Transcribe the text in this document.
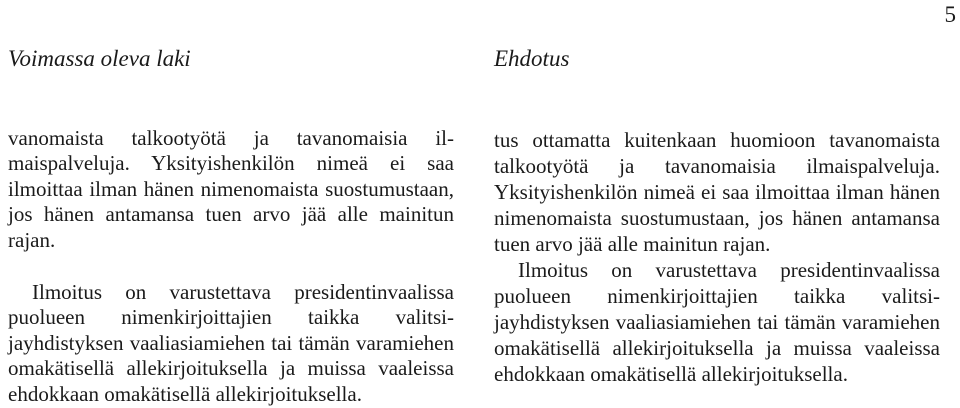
5
Voimassa oleva laki

vanomaista talkootyötä ja tavanomaisia ilmaispalveluja. Yksityishenkilön nimeä ei saa ilmoittaa ilman hänen nimenomaista suostumustaan, jos hänen antamansa tuen arvo jää alle mainitun rajan.

Ilmoitus on varustettava presidentinvaalissa puolueen nimenkirjoittajien taikka valitsijayhdistyksen vaaliasiamiehen tai tämän varamiehen omakätisellä allekirjoituksella ja muissa vaaleissa ehdokkaan omakätisellä allekirjoituksella.

Ehdotus

tus ottamatta kuitenkaan huomioon tavanomaista talkootyötä ja tavanomaisia ilmaispalveluja. Yksityishenkilön nimeä ei saa ilmoittaa ilman hänen nimenomaista suostumustaan, jos hänen antamansa tuen arvo jää alle mainitun rajan.

Ilmoitus on varustettava presidentinvaalissa puolueen nimenkirjoittajien taikka valitsijayhdistyksen vaaliasiamiehen tai tämän varamiehen omakätisellä allekirjoituksella ja muissa vaaleissa ehdokkaan omakätisellä allekirjoituksella.
